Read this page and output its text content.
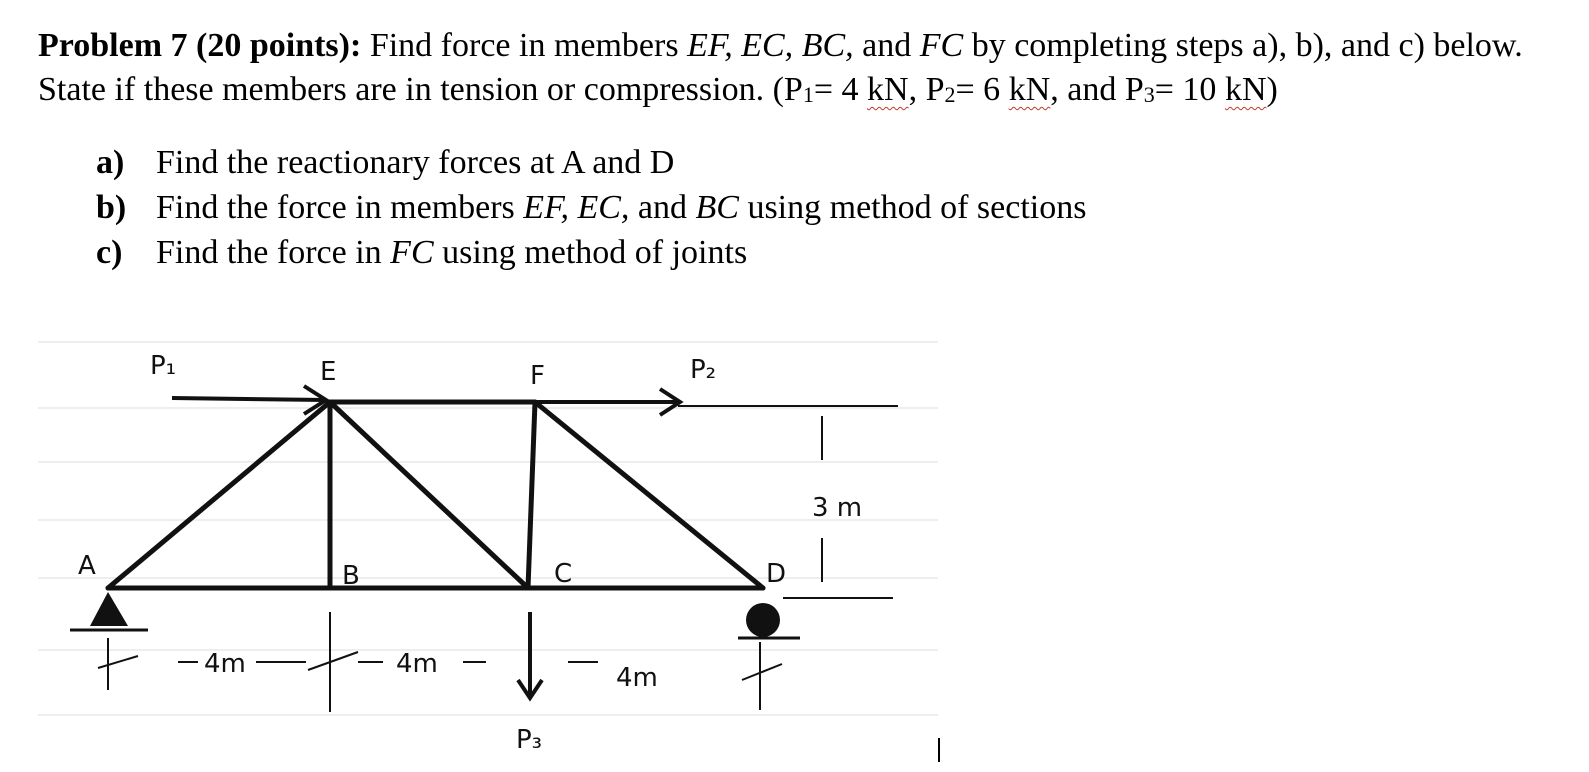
Problem 7 (20 points): Find force in members EF, EC, BC, and FC by completing steps a), b), and c) below. State if these members are in tension or compression. (P1= 4 kN, P2= 6 kN, and P3= 10 kN)
a) Find the reactionary forces at A and D
b) Find the force in members EF, EC, and BC using method of sections
c) Find the force in FC using method of joints
P₁	E	F	P₂
3 m
A	B	C	D
4m	4m	4m
P₃
